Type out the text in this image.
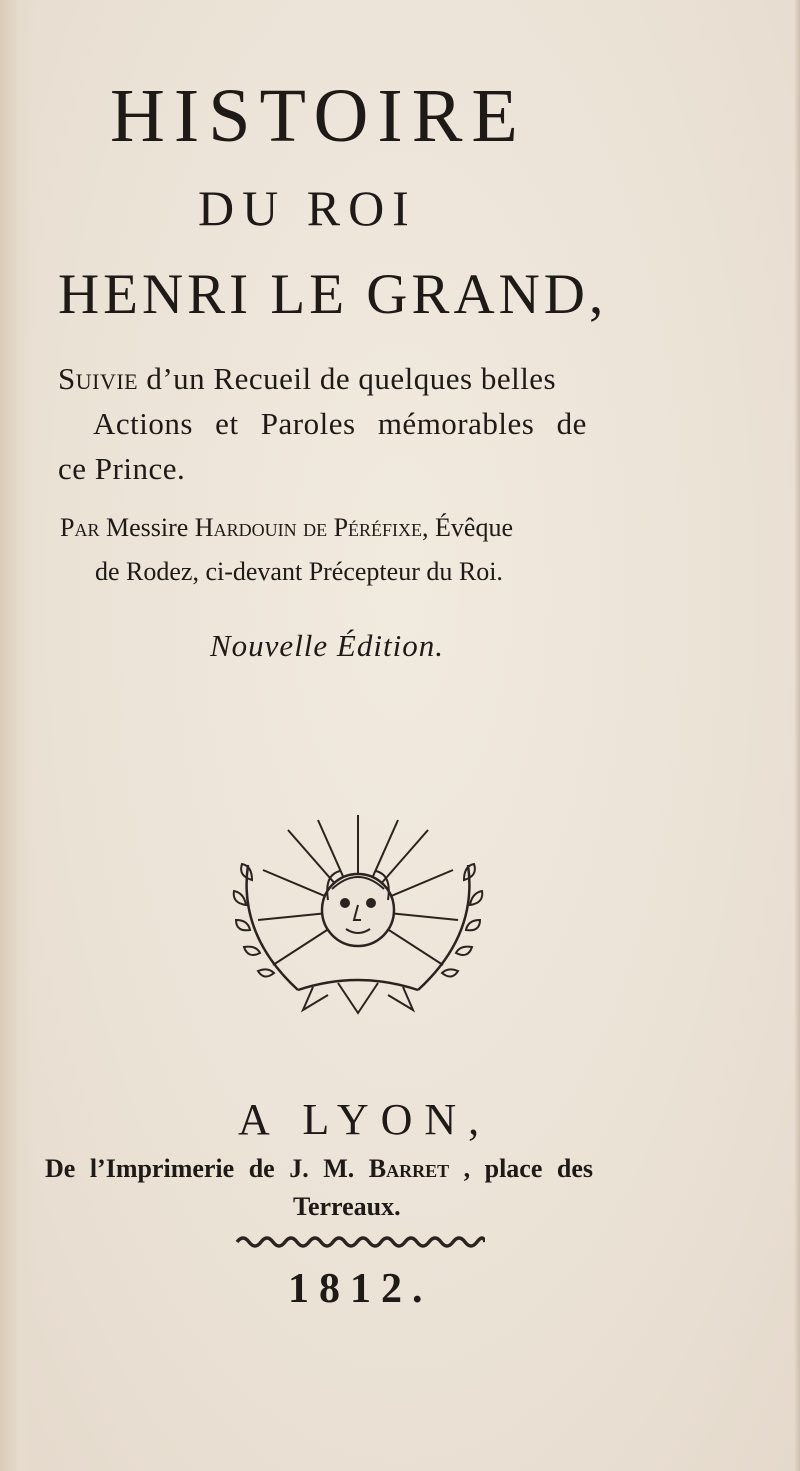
HISTOIRE
DU ROI
HENRI LE GRAND,
Suivie d’un Recueil de quelques belles
Actions et Paroles mémorables de
ce Prince.
Par Messire Hardouin de Péréfixe, Évêque
de Rodez, ci-devant Précepteur du Roi.
Nouvelle Édition.
A LYON,
De l’Imprimerie de J. M. Barret , place des
Terreaux.
1812.
